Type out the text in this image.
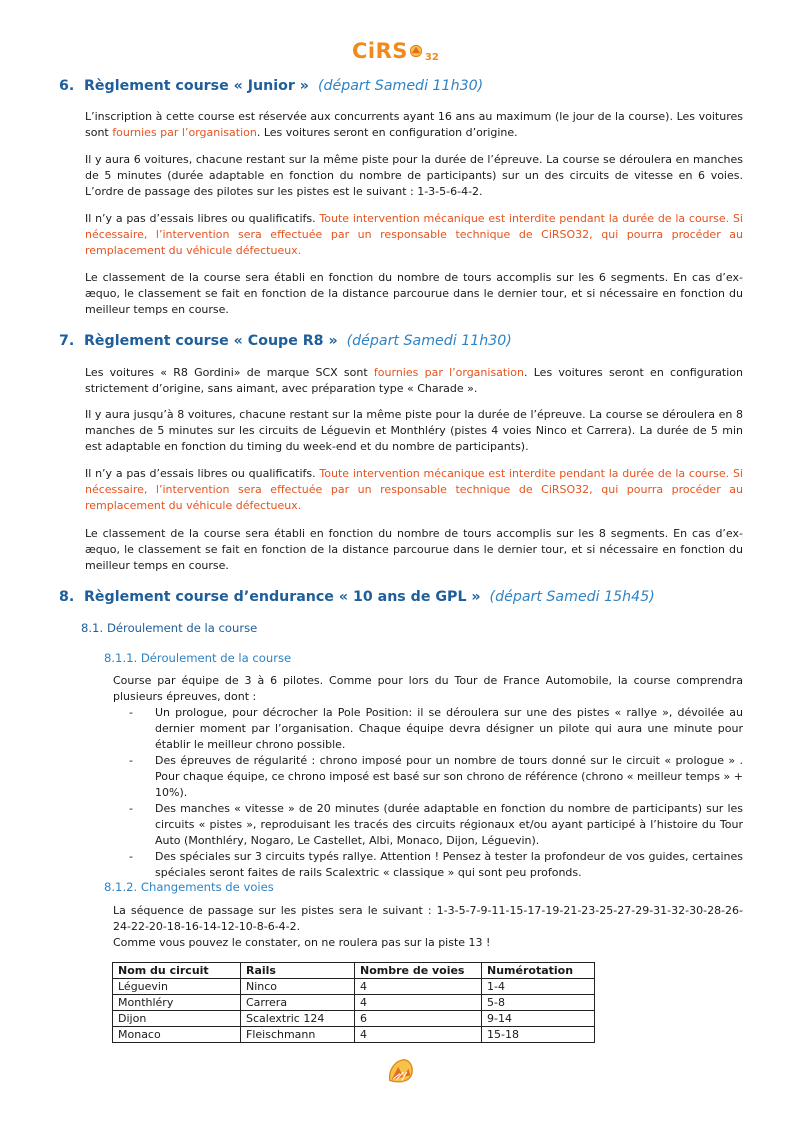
CiRS 32
6. Règlement course « Junior » (départ Samedi 11h30)

L’inscription à cette course est réservée aux concurrents ayant 16 ans au maximum (le jour de la course). Les voitures sont fournies par l’organisation. Les voitures seront en configuration d’origine.

Il y aura 6 voitures, chacune restant sur la même piste pour la durée de l’épreuve. La course se déroulera en manches de 5 minutes (durée adaptable en fonction du nombre de participants) sur un des circuits de vitesse en 6 voies. L’ordre de passage des pilotes sur les pistes est le suivant : 1-3-5-6-4-2.

Il n’y a pas d’essais libres ou qualificatifs. Toute intervention mécanique est interdite pendant la durée de la course. Si nécessaire, l’intervention sera effectuée par un responsable technique de CiRSO32, qui pourra procéder au remplacement du véhicule défectueux.

Le classement de la course sera établi en fonction du nombre de tours accomplis sur les 6 segments. En cas d’ex-æquo, le classement se fait en fonction de la distance parcourue dans le dernier tour, et si nécessaire en fonction du meilleur temps en course.

7. Règlement course « Coupe R8 » (départ Samedi 11h30)

Les voitures « R8 Gordini» de marque SCX sont fournies par l’organisation. Les voitures seront en configuration strictement d’origine, sans aimant, avec préparation type « Charade ».

Il y aura jusqu’à 8 voitures, chacune restant sur la même piste pour la durée de l’épreuve. La course se déroulera en 8 manches de 5 minutes sur les circuits de Léguevin et Monthléry (pistes 4 voies Ninco et Carrera). La durée de 5 min est adaptable en fonction du timing du week-end et du nombre de participants).

Il n’y a pas d’essais libres ou qualificatifs. Toute intervention mécanique est interdite pendant la durée de la course. Si nécessaire, l’intervention sera effectuée par un responsable technique de CiRSO32, qui pourra procéder au remplacement du véhicule défectueux.

Le classement de la course sera établi en fonction du nombre de tours accomplis sur les 8 segments. En cas d’ex-æquo, le classement se fait en fonction de la distance parcourue dans le dernier tour, et si nécessaire en fonction du meilleur temps en course.

8. Règlement course d’endurance « 10 ans de GPL » (départ Samedi 15h45)
8.1. Déroulement de la course
8.1.1. Déroulement de la course

Course par équipe de 3 à 6 pilotes. Comme pour lors du Tour de France Automobile, la course comprendra plusieurs épreuves, dont :

- Un prologue, pour décrocher la Pole Position: il se déroulera sur une des pistes « rallye », dévoilée au dernier moment par l’organisation. Chaque équipe devra désigner un pilote qui aura une minute pour établir le meilleur chrono possible.
- Des épreuves de régularité : chrono imposé pour un nombre de tours donné sur le circuit « prologue » . Pour chaque équipe, ce chrono imposé est basé sur son chrono de référence (chrono « meilleur temps » + 10%).
- Des manches « vitesse » de 20 minutes (durée adaptable en fonction du nombre de participants) sur les circuits « pistes », reproduisant les tracés des circuits régionaux et/ou ayant participé à l’histoire du Tour Auto (Monthléry, Nogaro, Le Castellet, Albi, Monaco, Dijon, Léguevin).
- Des spéciales sur 3 circuits typés rallye. Attention ! Pensez à tester la profondeur de vos guides, certaines spéciales seront faites de rails Scalextric « classique » qui sont peu profonds.
8.1.2. Changements de voies

La séquence de passage sur les pistes sera le suivant : 1-3-5-7-9-11-15-17-19-21-23-25-27-29-31-32-30-28-26-24-22-20-18-16-14-12-10-8-6-4-2.

Comme vous pouvez le constater, on ne roulera pas sur la piste 13 !

Nom du circuit	Rails	Nombre de voies	Numérotation
Léguevin	Ninco	4	1-4
Monthléry	Carrera	4	5-8
Dijon	Scalextric 124	6	9-14
Monaco	Fleischmann	4	15-18
